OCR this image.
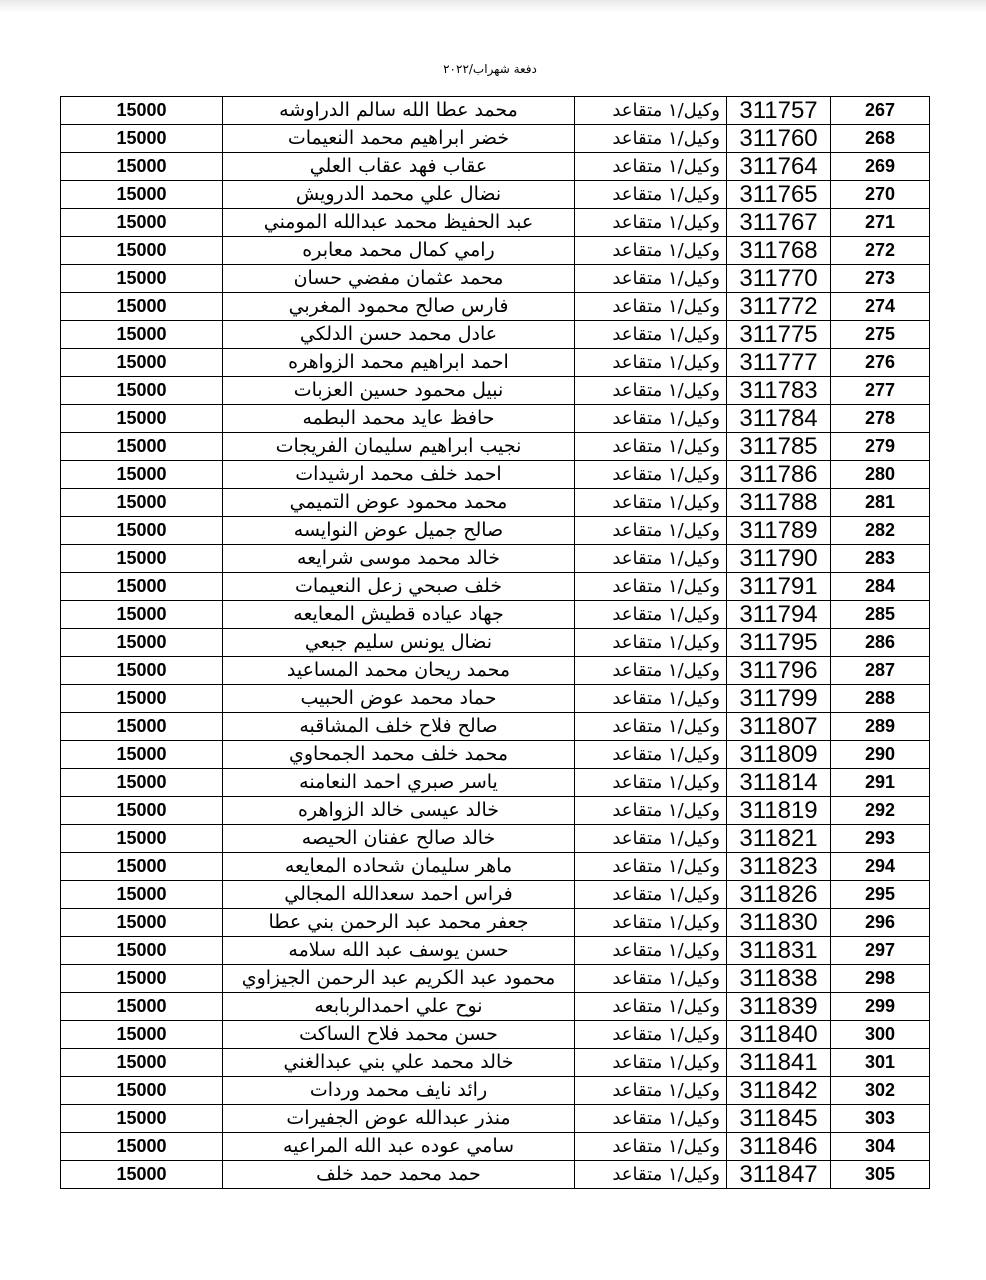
دفعة شهراب/٢٠٢٢
15000	محمد عطا الله سالم الدراوشه	وكيل/١ متقاعد	311757	267
15000	خضر ابراهيم محمد النعيمات	وكيل/١ متقاعد	311760	268
15000	عقاب فهد عقاب العلي	وكيل/١ متقاعد	311764	269
15000	نضال علي محمد الدرويش	وكيل/١ متقاعد	311765	270
15000	عبد الحفيظ محمد عبدالله المومني	وكيل/١ متقاعد	311767	271
15000	رامي كمال محمد معابره	وكيل/١ متقاعد	311768	272
15000	محمد عثمان مفضي حسان	وكيل/١ متقاعد	311770	273
15000	فارس صالح محمود المغربي	وكيل/١ متقاعد	311772	274
15000	عادل محمد حسن الدلكي	وكيل/١ متقاعد	311775	275
15000	احمد ابراهيم محمد الزواهره	وكيل/١ متقاعد	311777	276
15000	نبيل محمود حسين العزبات	وكيل/١ متقاعد	311783	277
15000	حافظ عايد محمد البطمه	وكيل/١ متقاعد	311784	278
15000	نجيب ابراهيم سليمان الفريجات	وكيل/١ متقاعد	311785	279
15000	احمد خلف محمد ارشيدات	وكيل/١ متقاعد	311786	280
15000	محمد محمود عوض التميمي	وكيل/١ متقاعد	311788	281
15000	صالح جميل عوض النوايسه	وكيل/١ متقاعد	311789	282
15000	خالد محمد موسى شرايعه	وكيل/١ متقاعد	311790	283
15000	خلف صبحي زعل النعيمات	وكيل/١ متقاعد	311791	284
15000	جهاد عياده قطيش المعايعه	وكيل/١ متقاعد	311794	285
15000	نضال يونس سليم جبعي	وكيل/١ متقاعد	311795	286
15000	محمد ريحان محمد المساعيد	وكيل/١ متقاعد	311796	287
15000	حماد محمد عوض الحبيب	وكيل/١ متقاعد	311799	288
15000	صالح فلاح خلف المشاقبه	وكيل/١ متقاعد	311807	289
15000	محمد خلف محمد الجمحاوي	وكيل/١ متقاعد	311809	290
15000	ياسر صبري احمد النعامنه	وكيل/١ متقاعد	311814	291
15000	خالد عيسى خالد الزواهره	وكيل/١ متقاعد	311819	292
15000	خالد صالح عفنان الحيصه	وكيل/١ متقاعد	311821	293
15000	ماهر سليمان شحاده المعايعه	وكيل/١ متقاعد	311823	294
15000	فراس احمد سعدالله المجالي	وكيل/١ متقاعد	311826	295
15000	جعفر محمد عبد الرحمن بني عطا	وكيل/١ متقاعد	311830	296
15000	حسن يوسف عبد الله سلامه	وكيل/١ متقاعد	311831	297
15000	محمود عبد الكريم عبد الرحمن الجيزاوي	وكيل/١ متقاعد	311838	298
15000	نوح علي احمدالربابعه	وكيل/١ متقاعد	311839	299
15000	حسن محمد فلاح الساكت	وكيل/١ متقاعد	311840	300
15000	خالد محمد علي بني عبدالغني	وكيل/١ متقاعد	311841	301
15000	رائد نايف محمد وردات	وكيل/١ متقاعد	311842	302
15000	منذر عبدالله عوض الجفيرات	وكيل/١ متقاعد	311845	303
15000	سامي عوده عبد الله المراعيه	وكيل/١ متقاعد	311846	304
15000	حمد محمد حمد خلف	وكيل/١ متقاعد	311847	305
